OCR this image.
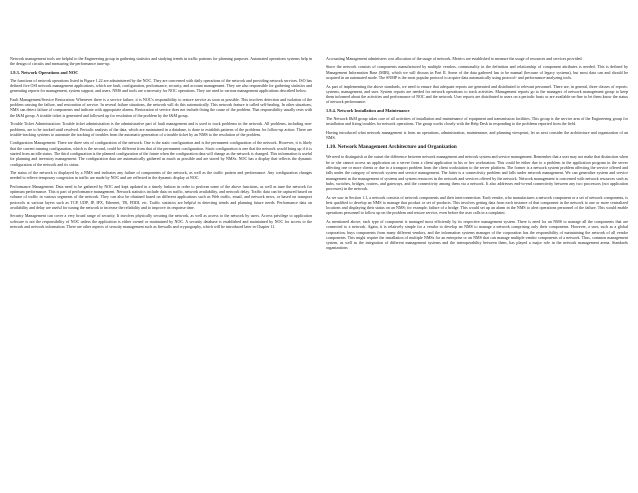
Network management tools are helpful to the Engineering group in gathering statistics and studying trends in traffic patterns for planning purposes. Automated operations systems help in the design of circuits and measuring the performance tune-up.

1.9.3. Network Operations and NOC

The functions of network operations listed in Figure 1.22 are administered by the NOC. They are concerned with daily operations of the network and providing network services. ISO has defined five OSI network management applications, which are fault, configuration, performance, security, and account management. They are also responsible for gathering statistics and generating reports for management, system support, and users. NMS and tools are a necessity for NOC operations. They are used in various management applications described below.

Fault Management/Service Restoration: Whenever there is a service failure, it is NOC's responsibility to restore service as soon as possible. This involves detection and isolation of the problem causing the failure, and restoration of service. In several failure situations, the network will do this automatically. This network feature is called self-healing. In other situations, NMS can detect failure of components and indicate with appropriate alarms. Restoration of service does not include fixing the cause of the problem. That responsibility usually rests with the I&M group. A trouble ticket is generated and followed up for resolution of the problem by the I&M group.

Trouble Ticket Administration: Trouble ticket administration is the administrative part of fault management and is used to track problems in the network. All problems, including non-problems, are to be tracked until resolved. Periodic analysis of the data, which are maintained in a database, is done to establish patterns of the problems for follow-up action. There are trouble-tracking systems to automate the tracking of troubles from the automatic generation of a trouble ticket by an NMS to the resolution of the problem.

Configuration Management: There are three sets of configuration of the network. One is the static configuration and is the permanent configuration of the network. However, it is likely that the current running configuration, which is the second, could be different from that of the permanent configuration. Static configuration is one that the network would bring up if it is started from an idle status. The third configuration is the planned configuration of the future when the configuration data will change as the network is changed. This information is useful for planning and inventory management. The configuration data are automatically gathered as much as possible and are stored by NMSs. NOC has a display that reflects the dynamic configuration of the network and its status.

The status of the network is displayed by a NMS and indicates any failure of components of the network, as well as the traffic pattern and performance. Any configuration changes needed to relieve temporary congestion in traffic are made by NOC and are reflected in the dynamic display at NOC.

Performance Management: Data need to be gathered by NOC and kept updated in a timely fashion in order to perform some of the above functions, as well as tune the network for optimum performance. This is part of performance management. Network statistics include data on traffic, network availability, and network delay. Traffic data can be captured based on volume of traffic in various segments of the network. They can also be obtained based on different applications such as Web traffic, email, and network news, or based on transport protocols at various layers such as TCP, UDP, IP, IPX, Ethernet, TR, FDDI, etc. Traffic statistics are helpful in detecting trends and planning future needs. Performance data on availability and delay are useful for tuning the network to increase the reliability and to improve its response time.

Security Management can cover a very broad range of security. It involves physically securing the network, as well as access to the network by users. Access privilege to application software is not the responsibility of NOC unless the application is either owned or maintained by NOC. A security database is established and maintained by NOC for access to the network and network information. There are other aspects of security management such as firewalls and cryptography, which will be introduced later in Chapter 11.

Accounting Management administers cost allocation of the usage of network. Metrics are established to measure the usage of resources and services provided.

Since the network consists of components manufactured by multiple vendors, commonality in the definition and relationship of component attributes is needed. This is defined by Management Information Base (MIB), which we will discuss in Part II. Some of the data gathered has to be manual (because of legacy systems), but most data can and should be acquired in an automated mode. The SNMP is the most popular protocol to acquire data automatically using protocol- and performance-analyzing tools.

As part of implementing the above standards, we need to ensure that adequate reports are generated and distributed to relevant personnel. There are, in general, three classes of reports: systems, management, and user. System reports are needed for network operations to track activities. Management reports go to the managers of network management group to keep them informed about the activities and performance of NOC and the network. User reports are distributed to users on a periodic basis or are available on-line to let them know the status of network performance.

1.9.4. Network Installation and Maintenance

The Network I&M group takes care of all activities of installation and maintenance of equipment and transmission facilities. This group is the service arm of the Engineering group for installation and fixing troubles for network operations. The group works closely with the Help Desk in responding to the problems reported from the field.

Having introduced what network management is from an operations, administration, maintenance, and planning viewpoint, let us next consider the architecture and organization of an NMS.

1.10. Network Management Architecture and Organization

We need to distinguish at the outset the difference between network management and network system and service management. Remember that a user may not make that distinction when he or she cannot access an application on a server from a client application in his or her workstation. This could be either due to a problem in the application program in the server affecting one or more clients or due to a transport problem from the client workstation to the server platform. The former is a network system problem affecting the service offered and falls under the category of network system and service management. The latter is a connectivity problem and falls under network management. We can generalize system and service management as the management of systems and system resources in the network and services offered by the network. Network management is concerned with network resources such as hubs, switches, bridges, routers, and gateways, and the connectivity among them via a network. It also addresses end-to-end connectivity between any two processors (not application processes) in the network.

As we saw in Section 1.1, a network consists of network components and their interconnection. Each vendor, who manufactures a network component or a set of network components, is best qualified to develop an NMS to manage that product or set of products. This involves getting data from each instance of that component in the network to one or more centralized locations and displaying their status on an NMS; for example, failure of a bridge. This would set up an alarm in the NMS to alert operations personnel of the failure. This would enable operations personnel to follow up on the problem and restore service, even before the user calls in a complaint.

As mentioned above, each type of component is managed most efficiently by its respective management system. There is need for an NMS to manage all the components that are connected to a network. Again, it is relatively simple for a vendor to develop an NMS to manage a network comprising only their components. However, a user, such as a global corporation, buys components from many different vendors, and the information systems manager of the corporation has the responsibility of maintaining the network of all vendor components. This might require the installation of multiple NMSs for an enterprise or an NMS that can manage multiple vendor components of a network. Thus, common management system, as well as the integration of different management systems and the interoperability between them, has played a major role in the network management arena. Standards organizations
